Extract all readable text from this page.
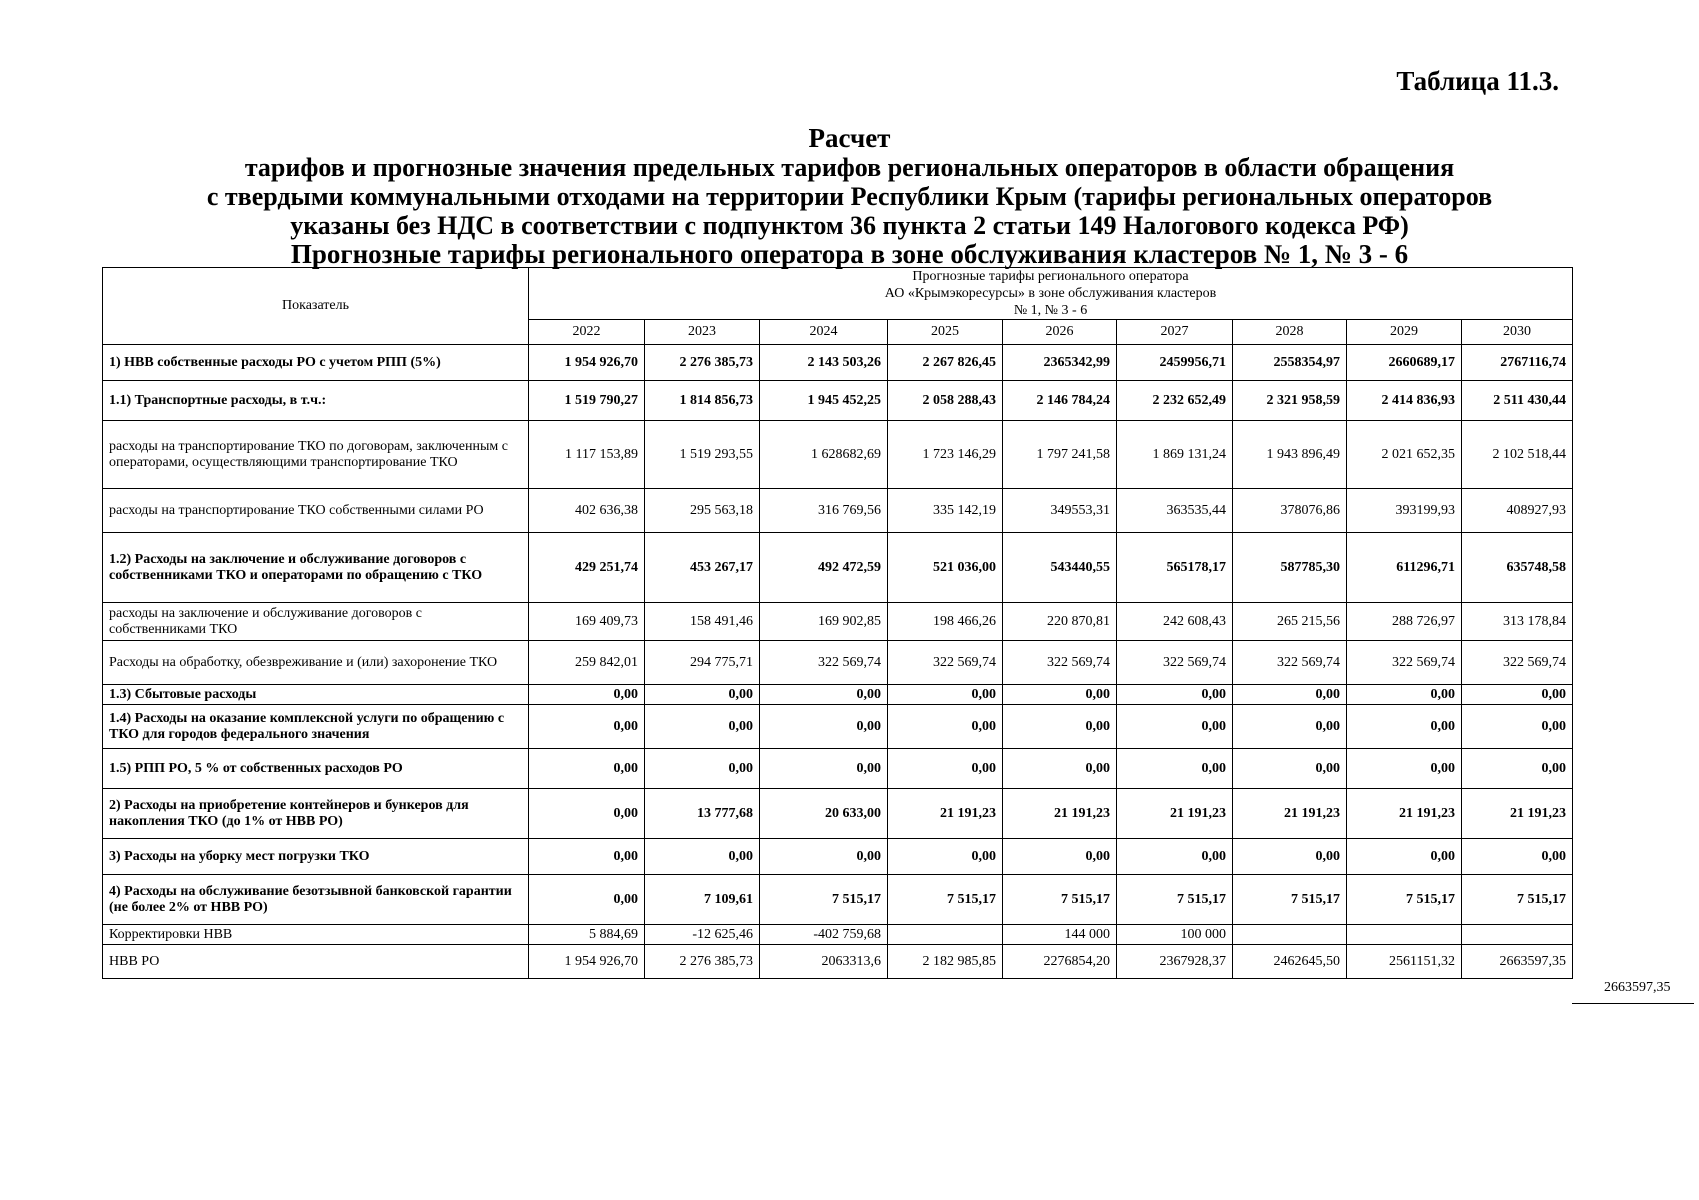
Таблица 11.3.
Расчет
тарифов и прогнозные значения предельных тарифов региональных операторов в области обращения
с твердыми коммунальными отходами на территории Республики Крым (тарифы региональных операторов
указаны без НДС в соответствии с подпунктом 36 пункта 2 статьи 149 Налогового кодекса РФ)
Прогнозные тарифы регионального оператора в зоне обслуживания кластеров № 1, № 3 - 6
Показатель	Прогнозные тарифы регионального оператора
АО «Крымэкоресурсы» в зоне обслуживания кластеров
№ 1, № 3 - 6								

	2022	2023	2024	2025	2026	2027	2028	2029	2030
1) НВВ собственные расходы РО с учетом РПП (5%)	1 954 926,70	2 276 385,73	2 143 503,26	2 267 826,45	2365342,99	2459956,71	2558354,97	2660689,17	2767116,74
1.1) Транспортные расходы, в т.ч.:	1 519 790,27	1 814 856,73	1 945 452,25	2 058 288,43	2 146 784,24	2 232 652,49	2 321 958,59	2 414 836,93	2 511 430,44
расходы на транспортирование ТКО по договорам, заключенным с операторами, осуществляющими транспортирование ТКО	1 117 153,89	1 519 293,55	1 628682,69	1 723 146,29	1 797 241,58	1 869 131,24	1 943 896,49	2 021 652,35	2 102 518,44
расходы на транспортирование ТКО собственными силами РО	402 636,38	295 563,18	316 769,56	335 142,19	349553,31	363535,44	378076,86	393199,93	408927,93
1.2) Расходы на заключение и обслуживание договоров с собственниками ТКО и операторами по обращению с ТКО	429 251,74	453 267,17	492 472,59	521 036,00	543440,55	565178,17	587785,30	611296,71	635748,58
расходы на заключение и обслуживание договоров с собственниками ТКО	169 409,73	158 491,46	169 902,85	198 466,26	220 870,81	242 608,43	265 215,56	288 726,97	313 178,84
Расходы на обработку, обезвреживание и (или) захоронение ТКО	259 842,01	294 775,71	322 569,74	322 569,74	322 569,74	322 569,74	322 569,74	322 569,74	322 569,74
1.3) Сбытовые расходы	0,00	0,00	0,00	0,00	0,00	0,00	0,00	0,00	0,00
1.4) Расходы на оказание комплексной услуги по обращению с ТКО для городов федерального значения	0,00	0,00	0,00	0,00	0,00	0,00	0,00	0,00	0,00
1.5) РПП РО, 5 % от собственных расходов РО	0,00	0,00	0,00	0,00	0,00	0,00	0,00	0,00	0,00
2) Расходы на приобретение контейнеров и бункеров для накопления ТКО (до 1% от НВВ РО)	0,00	13 777,68	20 633,00	21 191,23	21 191,23	21 191,23	21 191,23	21 191,23	21 191,23
3) Расходы на уборку мест погрузки ТКО	0,00	0,00	0,00	0,00	0,00	0,00	0,00	0,00	0,00
4) Расходы на обслуживание безотзывной банковской гарантии (не более 2% от НВВ РО)	0,00	7 109,61	7 515,17	7 515,17	7 515,17	7 515,17	7 515,17	7 515,17	7 515,17
Корректировки НВВ	5 884,69	-12 625,46	-402 759,68		144 000	100 000			
НВВ РО	1 954 926,70	2 276 385,73	2063313,6	2 182 985,85	2276854,20	2367928,37	2462645,50	2561151,32	2663597,35
2663597,35
